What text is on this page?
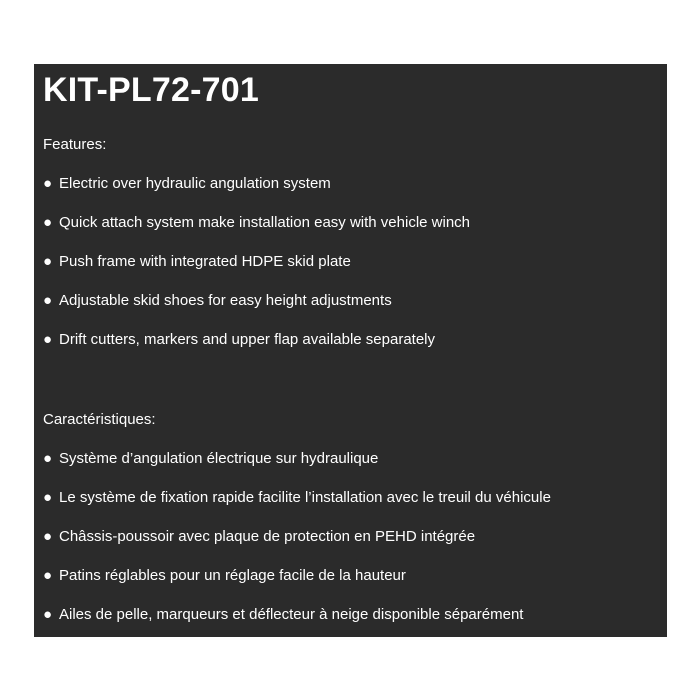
KIT-PL72-701

Features:

● Electric over hydraulic angulation system
● Quick attach system make installation easy with vehicle winch
● Push frame with integrated HDPE skid plate
● Adjustable skid shoes for easy height adjustments
● Drift cutters, markers and upper flap available separately

Caractéristiques:

● Système d’angulation électrique sur hydraulique
● Le système de fixation rapide facilite l’installation avec le treuil du véhicule
● Châssis-poussoir avec plaque de protection en PEHD intégrée
● Patins réglables pour un réglage facile de la hauteur
● Ailes de pelle, marqueurs et déflecteur à neige disponible séparément
